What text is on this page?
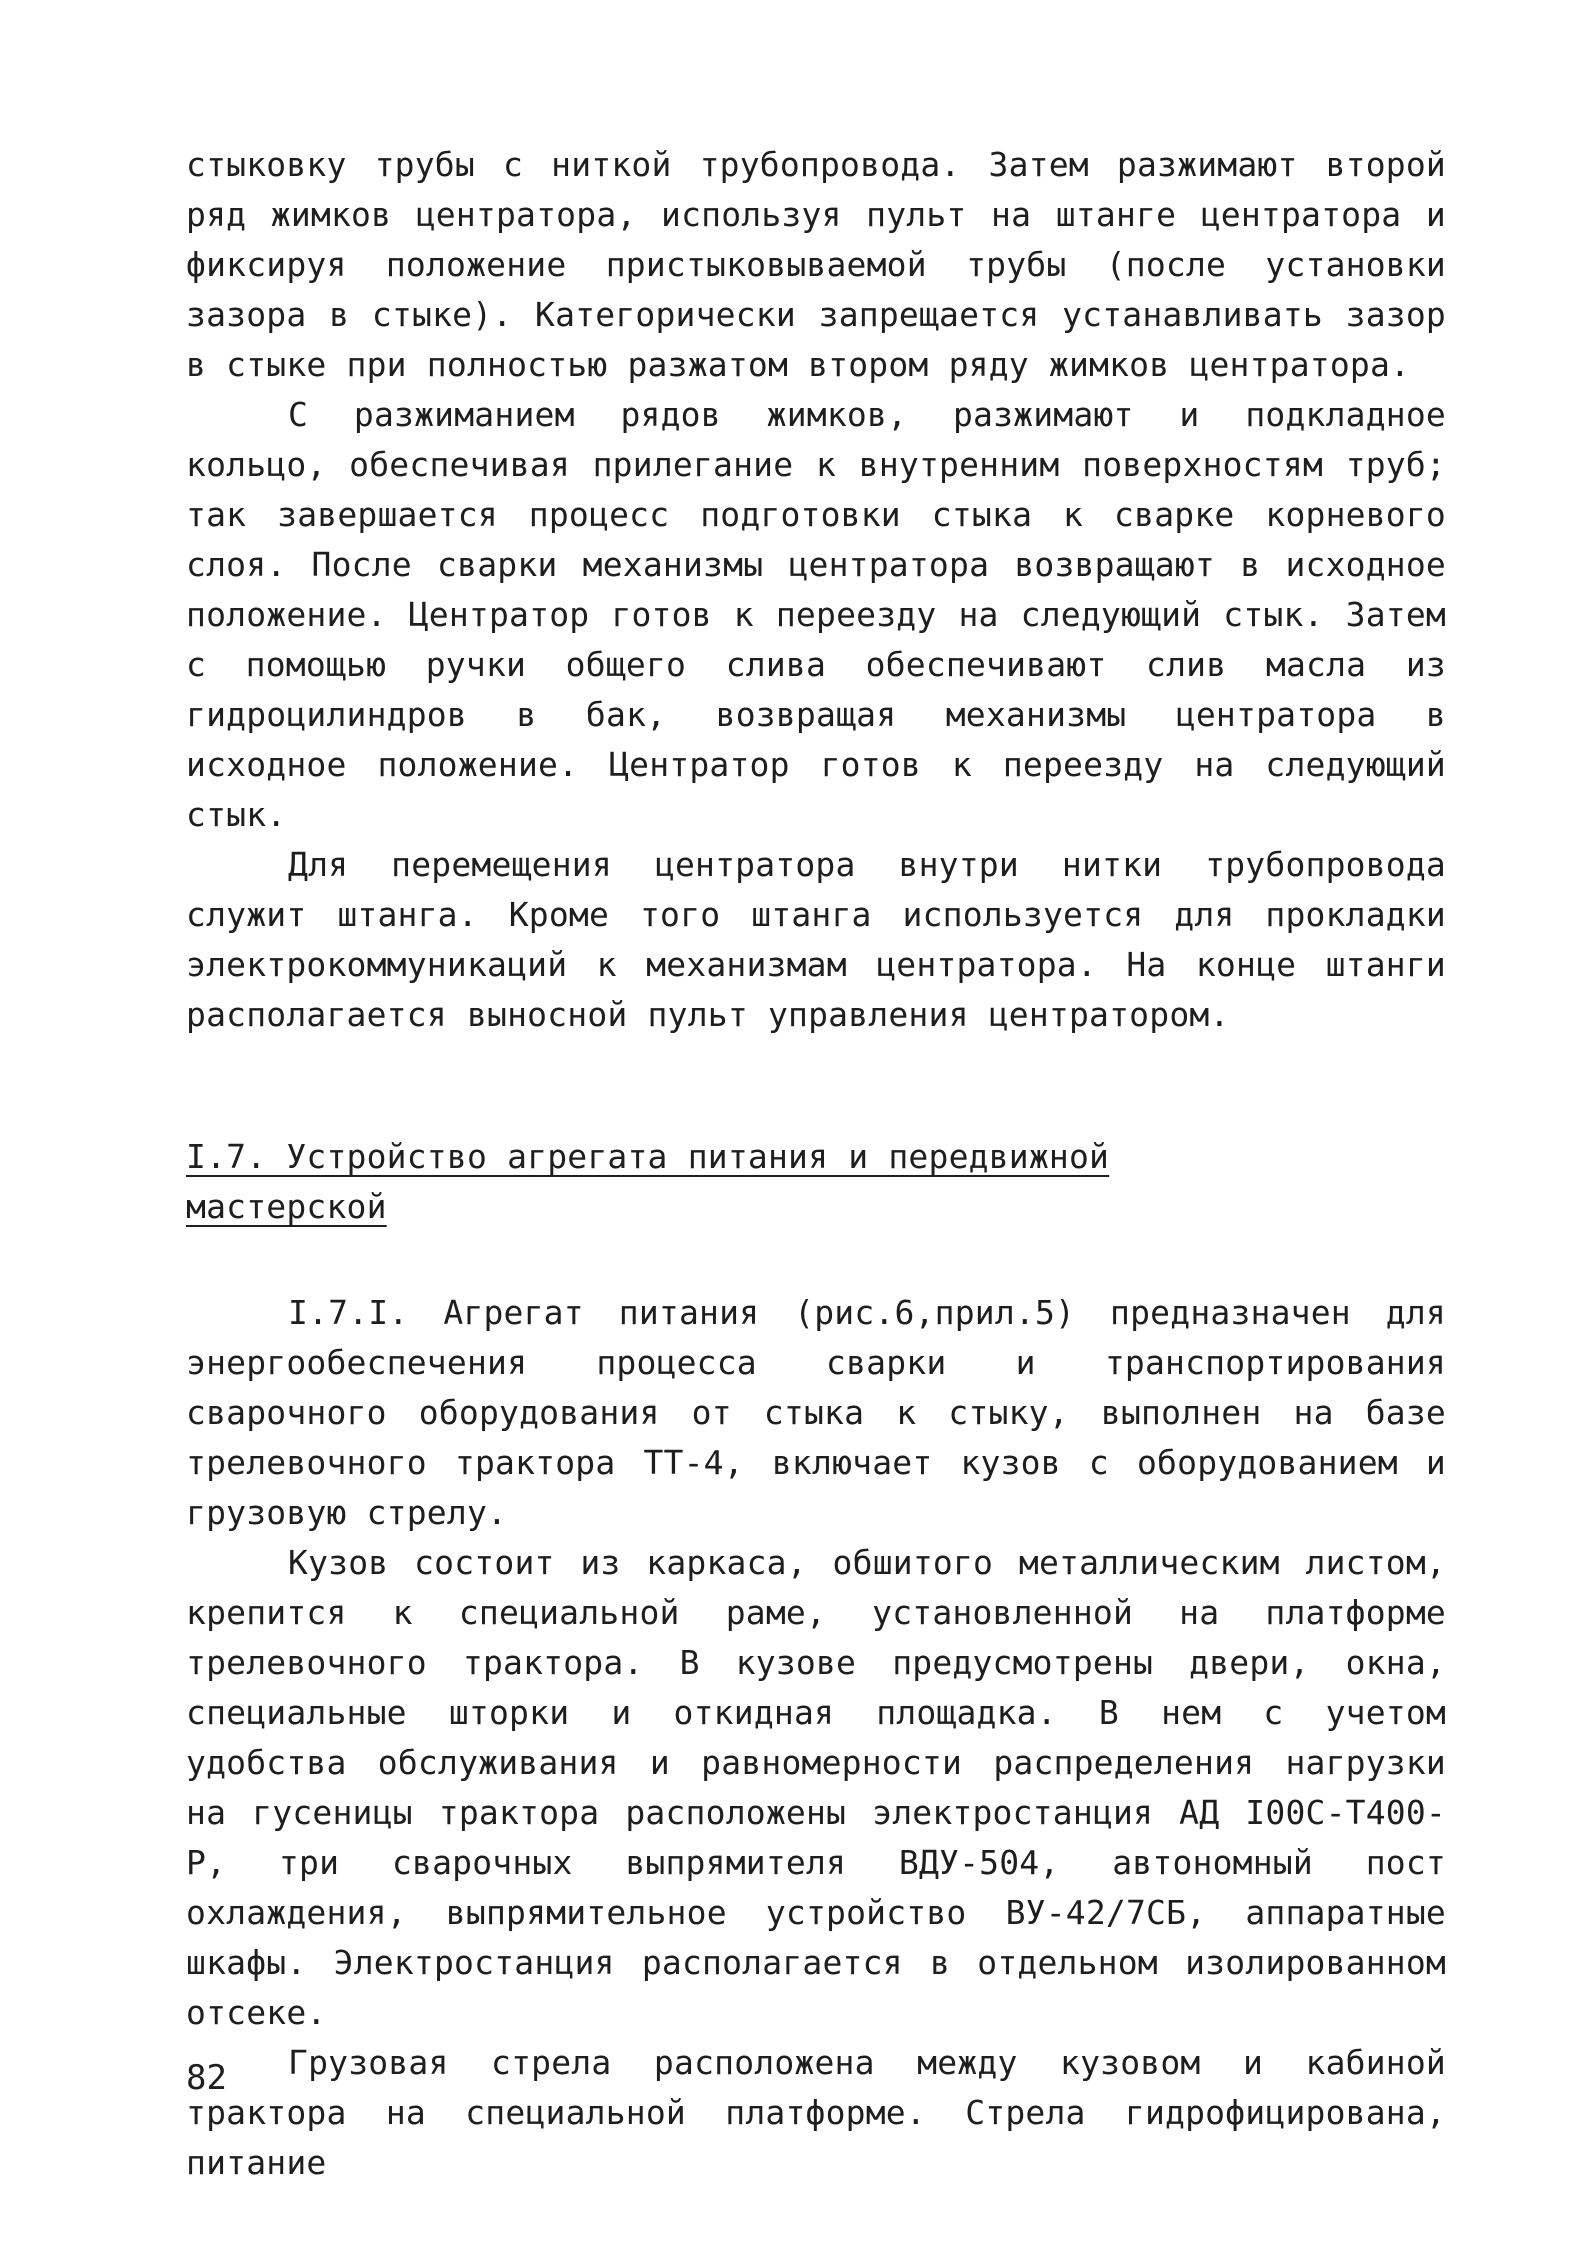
стыковку трубы с ниткой трубопровода. Затем разжимают второй ряд жимков центратора, используя пульт на штанге центратора и фиксируя положение пристыковываемой трубы (после установки зазора в стыке). Категорически запрещается устанавливать зазор в стыке при полностью разжатом втором ряду жимков центратора.

С разжиманием рядов жимков, разжимают и подкладное кольцо, обеспечивая прилегание к внутренним поверхностям труб; так завершается процесс подготовки стыка к сварке корневого слоя. После сварки механизмы центратора возвращают в исходное положение. Центратор готов к переезду на следующий стык. Затем с помощью ручки общего слива обеспечивают слив масла из гидроцилиндров в бак, возвращая механизмы центратора в исходное положение. Центратор готов к переезду на следующий стык.

Для перемещения центратора внутри нитки трубопровода служит штанга. Кроме того штанга используется для прокладки электрокоммуникаций к механизмам центратора. На конце штанги располагается выносной пульт управления центратором.

I.7. Устройство агрегата питания и передвижной
мастерской

I.7.I. Агрегат питания (рис.6,прил.5) предназначен для энергообеспечения процесса сварки и транспортирования сварочного оборудования от стыка к стыку, выполнен на базе трелевочного трактора ТТ-4, включает кузов с оборудованием и грузовую стрелу.

Кузов состоит из каркаса, обшитого металлическим листом, крепится к специальной раме, установленной на платформе трелевочного трактора. В кузове предусмотрены двери, окна, специальные шторки и откидная площадка. В нем с учетом удобства обслуживания и равномерности распределения нагрузки на гусеницы трактора расположены электростанция АД I00С-Т400-Р, три сварочных выпрямителя ВДУ-504, автономный пост охлаждения, выпрямительное устройство ВУ-42/7СБ, аппаратные шкафы. Электростанция располагается в отдельном изолированном отсеке.

Грузовая стрела расположена между кузовом и кабиной трактора на специальной платформе. Стрела гидрофицирована, питание

82
